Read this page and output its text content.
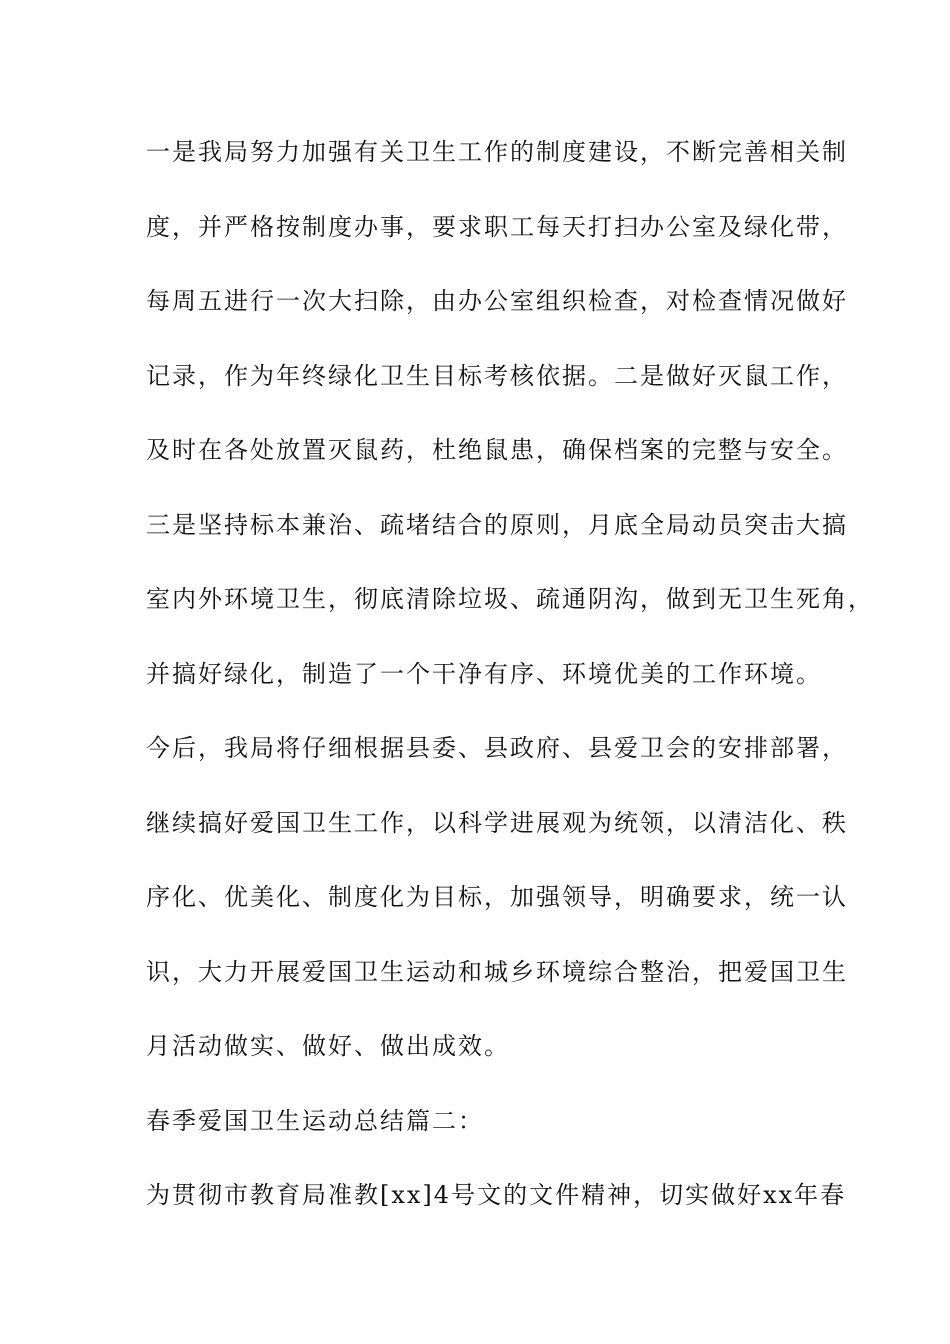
一是我局努力加强有关卫生工作的制度建设，不断完善相关制
度，并严格按制度办事，要求职工每天打扫办公室及绿化带，
每周五进行一次大扫除，由办公室组织检查，对检查情况做好
记录，作为年终绿化卫生目标考核依据。二是做好灭鼠工作，
及时在各处放置灭鼠药，杜绝鼠患，确保档案的完整与安全。
三是坚持标本兼治、疏堵结合的原则，月底全局动员突击大搞
室内外环境卫生，彻底清除垃圾、疏通阴沟，做到无卫生死角，
并搞好绿化，制造了一个干净有序、环境优美的工作环境。
今后，我局将仔细根据县委、县政府、县爱卫会的安排部署，
继续搞好爱国卫生工作，以科学进展观为统领，以清洁化、秩
序化、优美化、制度化为目标，加强领导，明确要求，统一认
识，大力开展爱国卫生运动和城乡环境综合整治，把爱国卫生
月活动做实、做好、做出成效。
春季爱国卫生运动总结篇二：
为贯彻市教育局准教[xx]4号文的文件精神，切实做好xx年春
